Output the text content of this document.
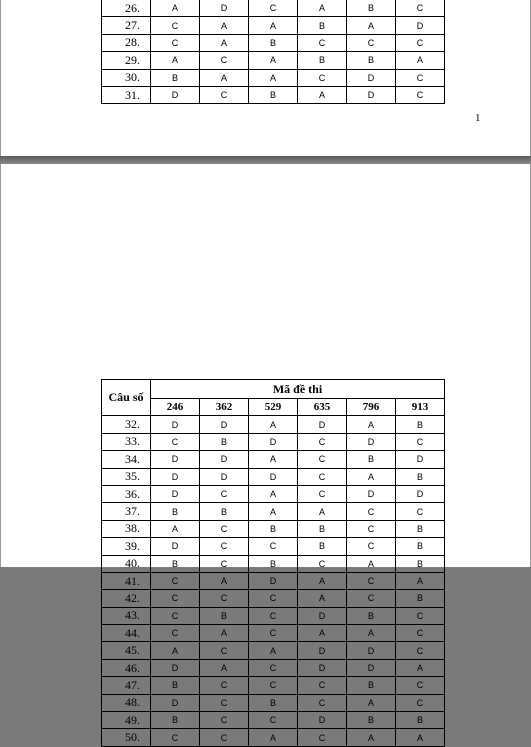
26.	A	D	C	A	B	C
27.	C	A	A	B	A	D
28.	C	A	B	C	C	C
29.	A	C	A	B	B	A
30.	B	A	A	C	D	C
31.	D	C	B	A	D	C
1
Câu số	Mã đề thi					
	246	362	529	635	796	913
32.	D	D	A	D	A	B
33.	C	B	D	C	D	C
34.	D	D	A	C	B	D
35.	D	D	D	C	A	B
36.	D	C	A	C	D	D
37.	B	B	A	A	C	C
38.	A	C	B	B	C	B
39.	D	C	C	B	C	B
40.	B	C	B	C	A	B
41.	C	A	D	A	C	A
42.	C	C	C	A	C	B
43.	C	B	C	D	B	C
44.	C	A	C	A	A	C
45.	A	C	A	D	D	C
46.	D	A	C	D	D	A
47.	B	C	C	C	B	C
48.	D	C	B	C	A	C
49.	B	C	C	D	B	B
50.	C	C	A	C	A	A
